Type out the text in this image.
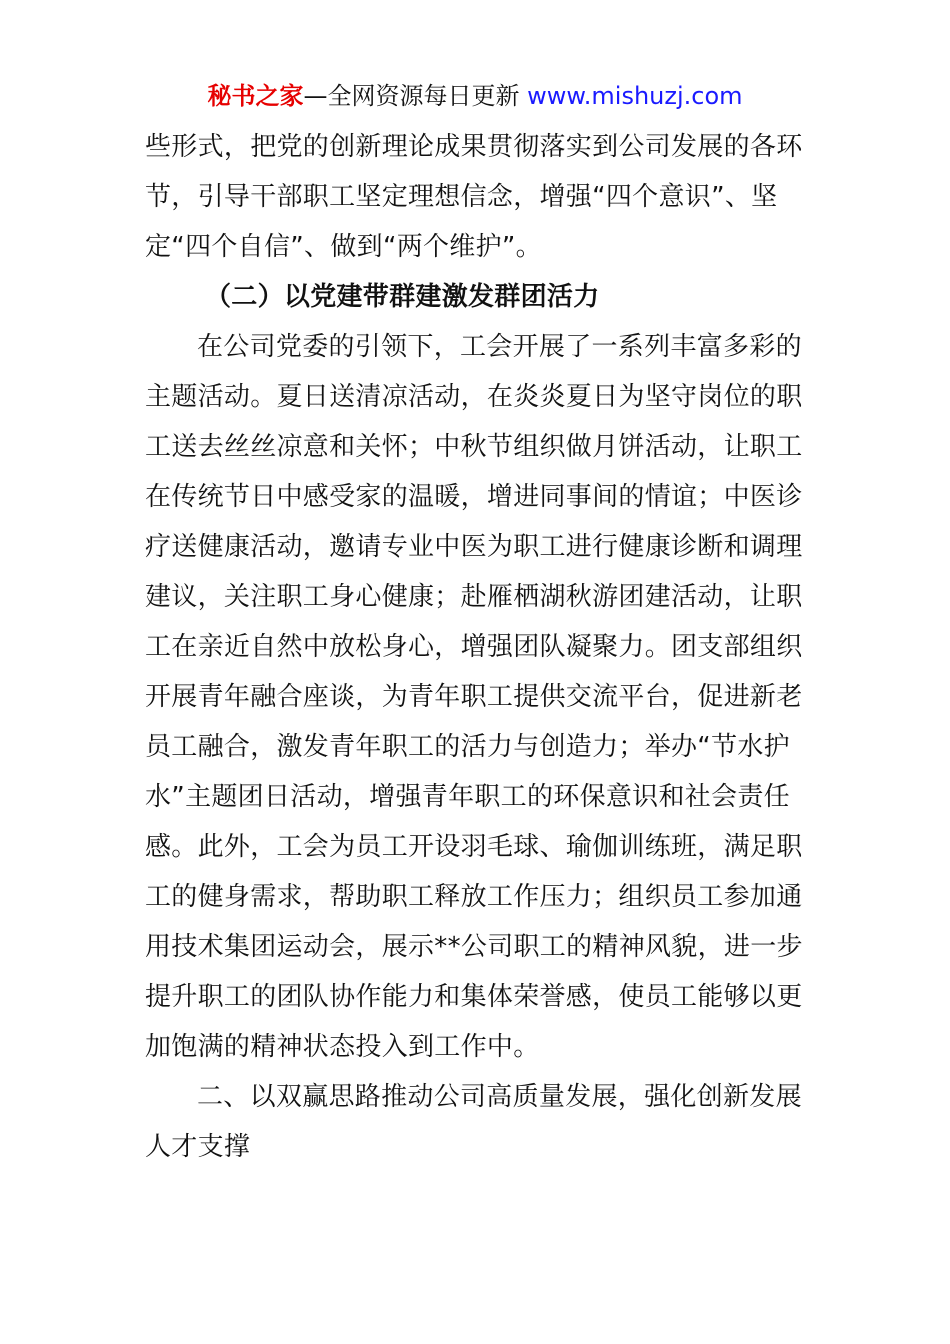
秘书之家—全网资源每日更新 www.mishuzj.com
些形式，把党的创新理论成果贯彻落实到公司发展的各环
节，引导干部职工坚定理想信念，增强“四个意识”、坚
定“四个自信”、做到“两个维护”。
（二）以党建带群建激发群团活力
在公司党委的引领下，工会开展了一系列丰富多彩的
主题活动。夏日送清凉活动，在炎炎夏日为坚守岗位的职
工送去丝丝凉意和关怀；中秋节组织做月饼活动，让职工
在传统节日中感受家的温暖，增进同事间的情谊；中医诊
疗送健康活动，邀请专业中医为职工进行健康诊断和调理
建议，关注职工身心健康；赴雁栖湖秋游团建活动，让职
工在亲近自然中放松身心，增强团队凝聚力。团支部组织
开展青年融合座谈，为青年职工提供交流平台，促进新老
员工融合，激发青年职工的活力与创造力；举办“节水护
水”主题团日活动，增强青年职工的环保意识和社会责任
感。此外，工会为员工开设羽毛球、瑜伽训练班，满足职
工的健身需求，帮助职工释放工作压力；组织员工参加通
用技术集团运动会，展示**公司职工的精神风貌，进一步
提升职工的团队协作能力和集体荣誉感，使员工能够以更
加饱满的精神状态投入到工作中。
二、以双赢思路推动公司高质量发展，强化创新发展
人才支撑
